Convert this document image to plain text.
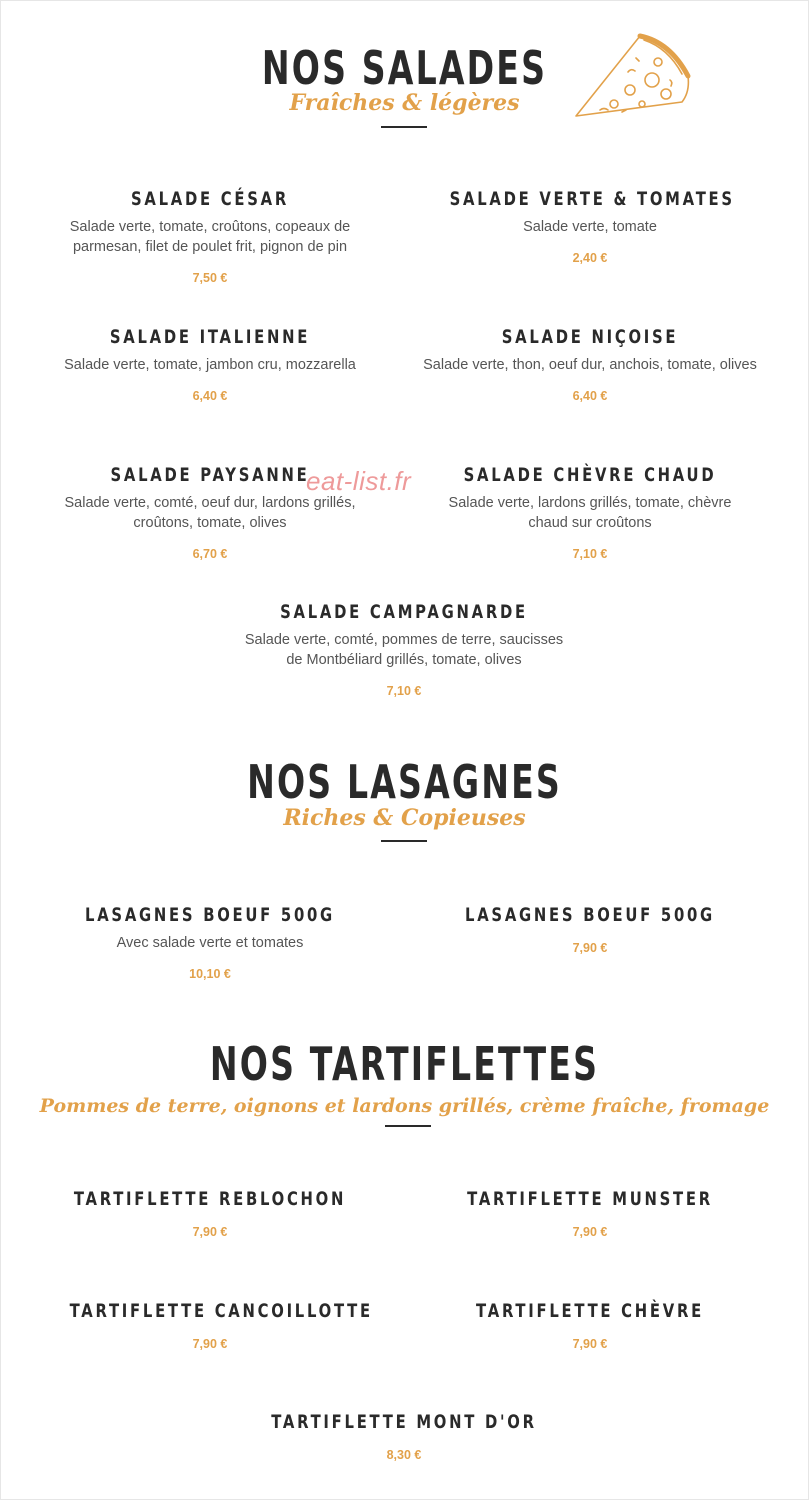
NOS SALADES
Fraîches & légères
SALADE CÉSAR
Salade verte, tomate, croûtons, copeaux de
parmesan, filet de poulet frit, pignon de pin
7,50 €
SALADE VERTE & TOMATES
Salade verte, tomate
2,40 €
SALADE ITALIENNE
Salade verte, tomate, jambon cru, mozzarella
6,40 €
SALADE NIÇOISE
Salade verte, thon, oeuf dur, anchois, tomate, olives
6,40 €
SALADE PAYSANNE
Salade verte, comté, oeuf dur, lardons grillés,
croûtons, tomate, olives
6,70 €
SALADE CHÈVRE CHAUD
Salade verte, lardons grillés, tomate, chèvre
chaud sur croûtons
7,10 €
SALADE CAMPAGNARDE
Salade verte, comté, pommes de terre, saucisses
de Montbéliard grillés, tomate, olives
7,10 €
eat-list.fr
NOS LASAGNES
Riches & Copieuses
LASAGNES BOEUF 500G
Avec salade verte et tomates
10,10 €
LASAGNES BOEUF 500G
7,90 €
NOS TARTIFLETTES
Pommes de terre, oignons et lardons grillés, crème fraîche, fromage
TARTIFLETTE REBLOCHON
7,90 €
TARTIFLETTE MUNSTER
7,90 €
TARTIFLETTE CANCOILLOTTE
7,90 €
TARTIFLETTE CHÈVRE
7,90 €
TARTIFLETTE MONT D'OR
8,30 €
